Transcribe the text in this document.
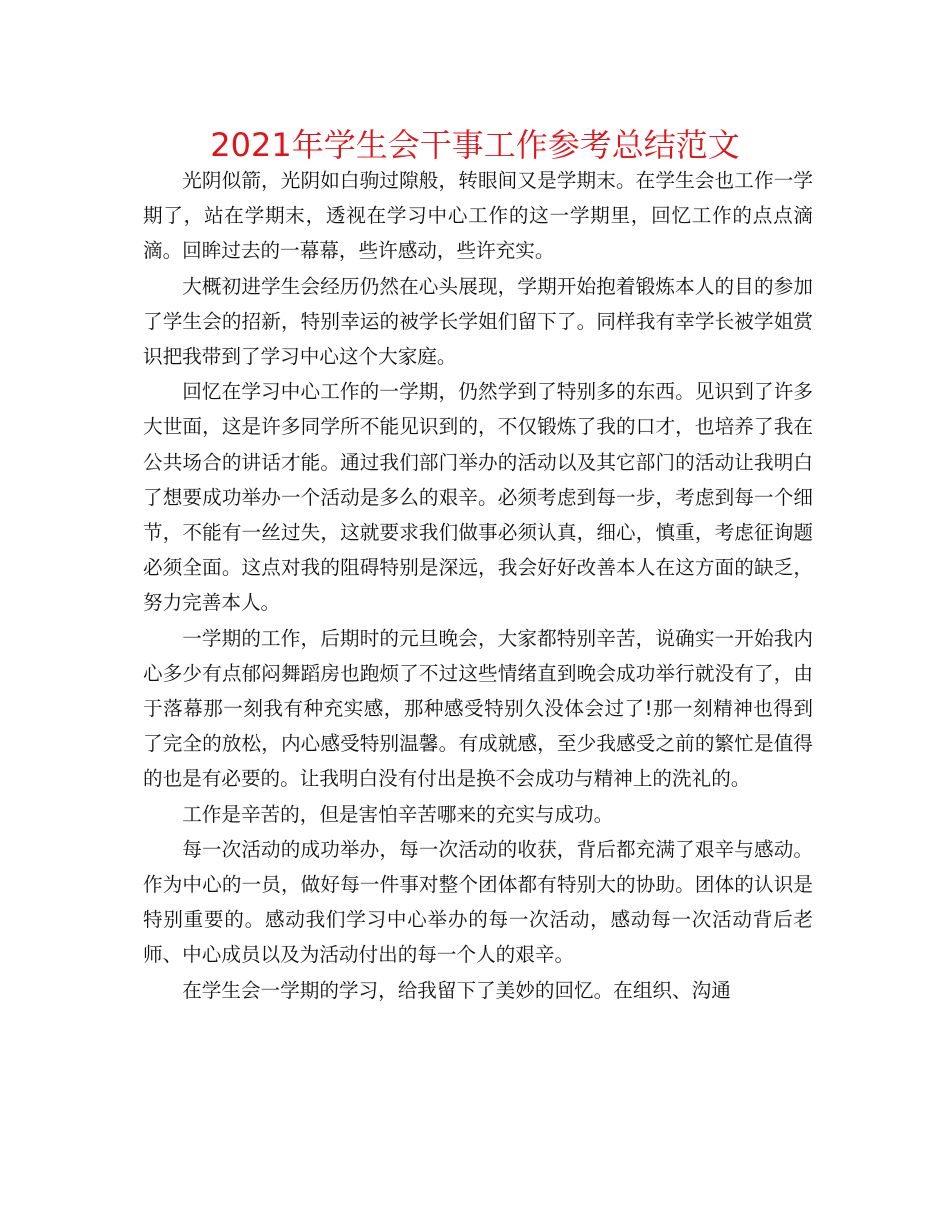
2021年学生会干事工作参考总结范文

光阴似箭，光阴如白驹过隙般，转眼间又是学期末。在学生会也工作一学期了，站在学期末，透视在学习中心工作的这一学期里，回忆工作的点点滴滴。回眸过去的一幕幕，些许感动，些许充实。

大概初进学生会经历仍然在心头展现，学期开始抱着锻炼本人的目的参加了学生会的招新，特别幸运的被学长学姐们留下了。同样我有幸学长被学姐赏识把我带到了学习中心这个大家庭。

回忆在学习中心工作的一学期，仍然学到了特别多的东西。见识到了许多大世面，这是许多同学所不能见识到的，不仅锻炼了我的口才，也培养了我在公共场合的讲话才能。通过我们部门举办的活动以及其它部门的活动让我明白了想要成功举办一个活动是多么的艰辛。必须考虑到每一步，考虑到每一个细节，不能有一丝过失，这就要求我们做事必须认真，细心，慎重，考虑征询题必须全面。这点对我的阻碍特别是深远，我会好好改善本人在这方面的缺乏，努力完善本人。

一学期的工作，后期时的元旦晚会，大家都特别辛苦，说确实一开始我内心多少有点郁闷舞蹈房也跑烦了不过这些情绪直到晚会成功举行就没有了，由于落幕那一刻我有种充实感，那种感受特别久没体会过了!那一刻精神也得到了完全的放松，内心感受特别温馨。有成就感，至少我感受之前的繁忙是值得的也是有必要的。让我明白没有付出是换不会成功与精神上的洗礼的。

工作是辛苦的，但是害怕辛苦哪来的充实与成功。

每一次活动的成功举办，每一次活动的收获，背后都充满了艰辛与感动。作为中心的一员，做好每一件事对整个团体都有特别大的协助。团体的认识是特别重要的。感动我们学习中心举办的每一次活动，感动每一次活动背后老师、中心成员以及为活动付出的每一个人的艰辛。

在学生会一学期的学习，给我留下了美妙的回忆。在组织、沟通
